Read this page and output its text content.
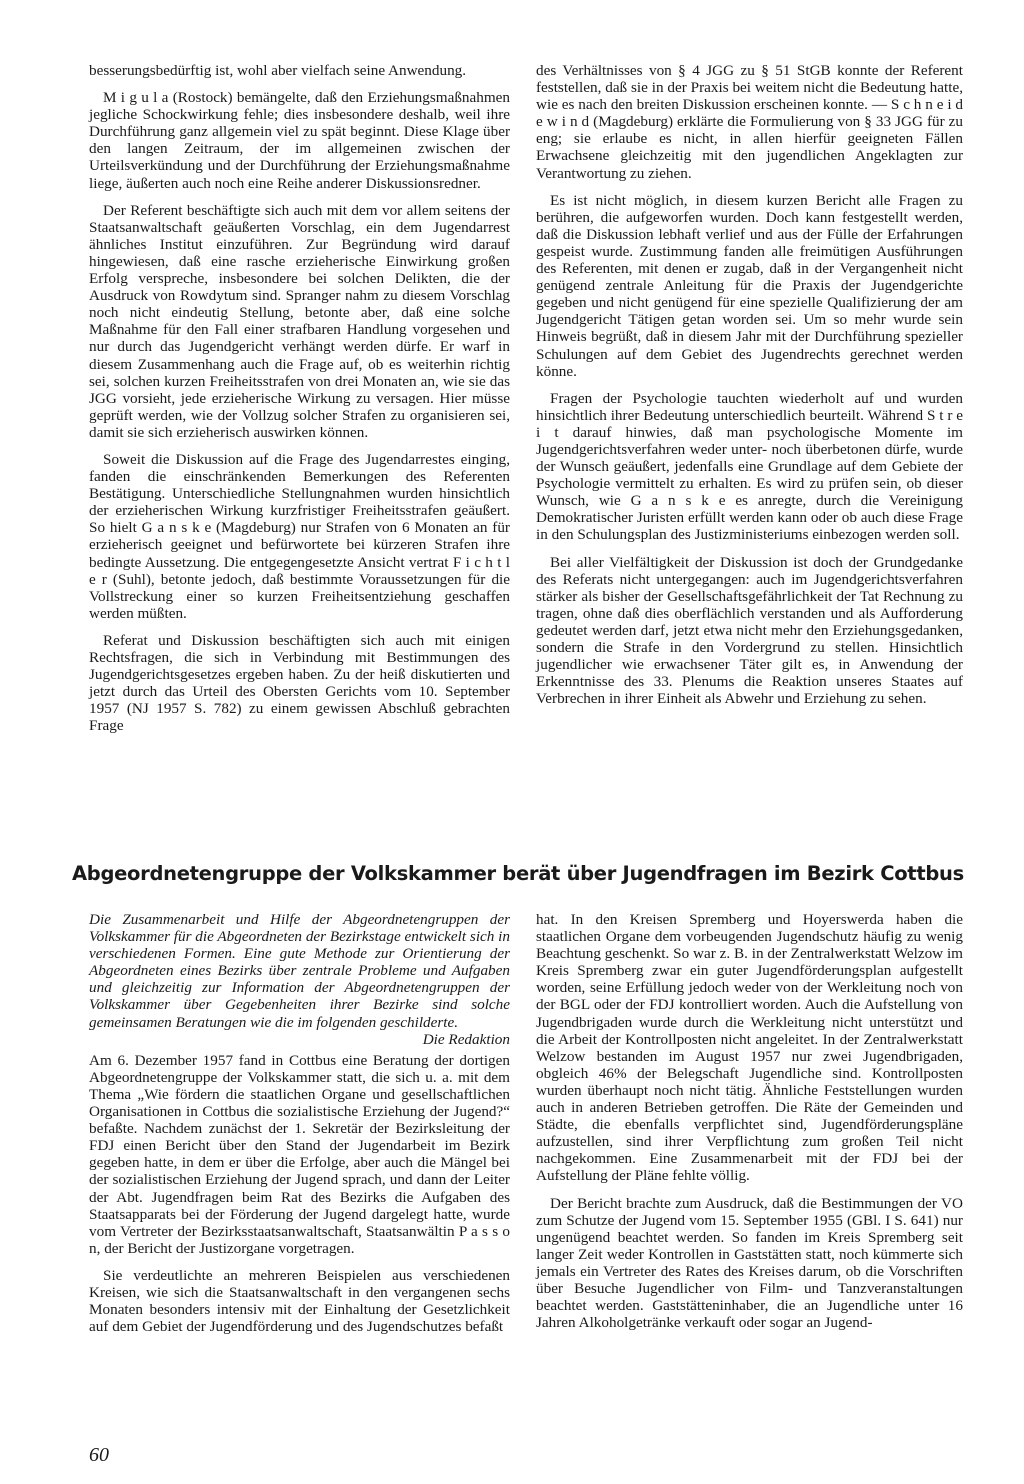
besserungsbedürftig ist, wohl aber vielfach seine Anwendung.

M i g u l a (Rostock) bemängelte, daß den Erziehungsmaßnahmen jegliche Schockwirkung fehle; dies insbesondere deshalb, weil ihre Durchführung ganz allgemein viel zu spät beginnt. Diese Klage über den langen Zeitraum, der im allgemeinen zwischen der Urteilsverkündung und der Durchführung der Erziehungsmaßnahme liege, äußerten auch noch eine Reihe anderer Diskussionsredner.

Der Referent beschäftigte sich auch mit dem vor allem seitens der Staatsanwaltschaft geäußerten Vorschlag, ein dem Jugendarrest ähnliches Institut einzuführen. Zur Begründung wird darauf hingewiesen, daß eine rasche erzieherische Einwirkung großen Erfolg verspreche, insbesondere bei solchen Delikten, die der Ausdruck von Rowdytum sind. Spranger nahm zu diesem Vorschlag noch nicht eindeutig Stellung, betonte aber, daß eine solche Maßnahme für den Fall einer strafbaren Handlung vorgesehen und nur durch das Jugendgericht verhängt werden dürfe. Er warf in diesem Zusammenhang auch die Frage auf, ob es weiterhin richtig sei, solchen kurzen Freiheitsstrafen von drei Monaten an, wie sie das JGG vorsieht, jede erzieherische Wirkung zu versagen. Hier müsse geprüft werden, wie der Vollzug solcher Strafen zu organisieren sei, damit sie sich erzieherisch auswirken können.

Soweit die Diskussion auf die Frage des Jugendarrestes einging, fanden die einschränkenden Bemerkungen des Referenten Bestätigung. Unterschiedliche Stellungnahmen wurden hinsichtlich der erzieherischen Wirkung kurzfristiger Freiheitsstrafen geäußert. So hielt G a n s k e (Magdeburg) nur Strafen von 6 Monaten an für erzieherisch geeignet und befürwortete bei kürzeren Strafen ihre bedingte Aussetzung. Die entgegengesetzte Ansicht vertrat F i c h t l e r (Suhl), betonte jedoch, daß bestimmte Voraussetzungen für die Vollstreckung einer so kurzen Freiheitsentziehung geschaffen werden müßten.

Referat und Diskussion beschäftigten sich auch mit einigen Rechtsfragen, die sich in Verbindung mit Bestimmungen des Jugendgerichtsgesetzes ergeben haben. Zu der heiß diskutierten und jetzt durch das Urteil des Obersten Gerichts vom 10. September 1957 (NJ 1957 S. 782) zu einem gewissen Abschluß gebrachten Frage

des Verhältnisses von § 4 JGG zu § 51 StGB konnte der Referent feststellen, daß sie in der Praxis bei weitem nicht die Bedeutung hatte, wie es nach den breiten Diskussion erscheinen konnte. — S c h n e i d e w i n d (Magdeburg) erklärte die Formulierung von § 33 JGG für zu eng; sie erlaube es nicht, in allen hierfür geeigneten Fällen Erwachsene gleichzeitig mit den jugendlichen Angeklagten zur Verantwortung zu ziehen.

Es ist nicht möglich, in diesem kurzen Bericht alle Fragen zu berühren, die aufgeworfen wurden. Doch kann festgestellt werden, daß die Diskussion lebhaft verlief und aus der Fülle der Erfahrungen gespeist wurde. Zustimmung fanden alle freimütigen Ausführungen des Referenten, mit denen er zugab, daß in der Vergangenheit nicht genügend zentrale Anleitung für die Praxis der Jugendgerichte gegeben und nicht genügend für eine spezielle Qualifizierung der am Jugendgericht Tätigen getan worden sei. Um so mehr wurde sein Hinweis begrüßt, daß in diesem Jahr mit der Durchführung spezieller Schulungen auf dem Gebiet des Jugendrechts gerechnet werden könne.

Fragen der Psychologie tauchten wiederholt auf und wurden hinsichtlich ihrer Bedeutung unterschiedlich beurteilt. Während S t r e i t darauf hinwies, daß man psychologische Momente im Jugendgerichtsverfahren weder unter- noch überbetonen dürfe, wurde der Wunsch geäußert, jedenfalls eine Grundlage auf dem Gebiete der Psychologie vermittelt zu erhalten. Es wird zu prüfen sein, ob dieser Wunsch, wie G a n s k e es anregte, durch die Vereinigung Demokratischer Juristen erfüllt werden kann oder ob auch diese Frage in den Schulungsplan des Justizministeriums einbezogen werden soll.

Bei aller Vielfältigkeit der Diskussion ist doch der Grundgedanke des Referats nicht untergegangen: auch im Jugendgerichtsverfahren stärker als bisher der Gesellschaftsgefährlichkeit der Tat Rechnung zu tragen, ohne daß dies oberflächlich verstanden und als Aufforderung gedeutet werden darf, jetzt etwa nicht mehr den Erziehungsgedanken, sondern die Strafe in den Vordergrund zu stellen. Hinsichtlich jugendlicher wie erwachsener Täter gilt es, in Anwendung der Erkenntnisse des 33. Plenums die Reaktion unseres Staates auf Verbrechen in ihrer Einheit als Abwehr und Erziehung zu sehen.

Abgeordnetengruppe der Volkskammer berät über Jugendfragen im Bezirk Cottbus

Die Zusammenarbeit und Hilfe der Abgeordnetengruppen der Volkskammer für die Abgeordneten der Bezirkstage entwickelt sich in verschiedenen Formen. Eine gute Methode zur Orientierung der Abgeordneten eines Bezirks über zentrale Probleme und Aufgaben und gleichzeitig zur Information der Abgeordnetengruppen der Volkskammer über Gegebenheiten ihrer Bezirke sind solche gemeinsamen Beratungen wie die im folgenden geschilderte.

Die Redaktion

Am 6. Dezember 1957 fand in Cottbus eine Beratung der dortigen Abgeordnetengruppe der Volkskammer statt, die sich u. a. mit dem Thema „Wie fördern die staatlichen Organe und gesellschaftlichen Organisationen in Cottbus die sozialistische Erziehung der Jugend?“ befaßte. Nachdem zunächst der 1. Sekretär der Bezirksleitung der FDJ einen Bericht über den Stand der Jugendarbeit im Bezirk gegeben hatte, in dem er über die Erfolge, aber auch die Mängel bei der sozialistischen Erziehung der Jugend sprach, und dann der Leiter der Abt. Jugendfragen beim Rat des Bezirks die Aufgaben des Staatsapparats bei der Förderung der Jugend dargelegt hatte, wurde vom Vertreter der Bezirksstaatsanwaltschaft, Staatsanwältin P a s s o n, der Bericht der Justizorgane vorgetragen.

Sie verdeutlichte an mehreren Beispielen aus verschiedenen Kreisen, wie sich die Staatsanwaltschaft in den vergangenen sechs Monaten besonders intensiv mit der Einhaltung der Gesetzlichkeit auf dem Gebiet der Jugendförderung und des Jugendschutzes befaßt

hat. In den Kreisen Spremberg und Hoyerswerda haben die staatlichen Organe dem vorbeugenden Jugendschutz häufig zu wenig Beachtung geschenkt. So war z. B. in der Zentralwerkstatt Welzow im Kreis Spremberg zwar ein guter Jugendförderungsplan aufgestellt worden, seine Erfüllung jedoch weder von der Werkleitung noch von der BGL oder der FDJ kontrolliert worden. Auch die Aufstellung von Jugendbrigaden wurde durch die Werkleitung nicht unterstützt und die Arbeit der Kontrollposten nicht angeleitet. In der Zentralwerkstatt Welzow bestanden im August 1957 nur zwei Jugendbrigaden, obgleich 46% der Belegschaft Jugendliche sind. Kontrollposten wurden überhaupt noch nicht tätig. Ähnliche Feststellungen wurden auch in anderen Betrieben getroffen. Die Räte der Gemeinden und Städte, die ebenfalls verpflichtet sind, Jugendförderungspläne aufzustellen, sind ihrer Verpflichtung zum großen Teil nicht nachgekommen. Eine Zusammenarbeit mit der FDJ bei der Aufstellung der Pläne fehlte völlig.

Der Bericht brachte zum Ausdruck, daß die Bestimmungen der VO zum Schutze der Jugend vom 15. September 1955 (GBl. I S. 641) nur ungenügend beachtet werden. So fanden im Kreis Spremberg seit langer Zeit weder Kontrollen in Gaststätten statt, noch kümmerte sich jemals ein Vertreter des Rates des Kreises darum, ob die Vorschriften über Besuche Jugendlicher von Film- und Tanzveranstaltungen beachtet werden. Gaststätteninhaber, die an Jugendliche unter 16 Jahren Alkoholgetränke verkauft oder sogar an Jugend-

60
